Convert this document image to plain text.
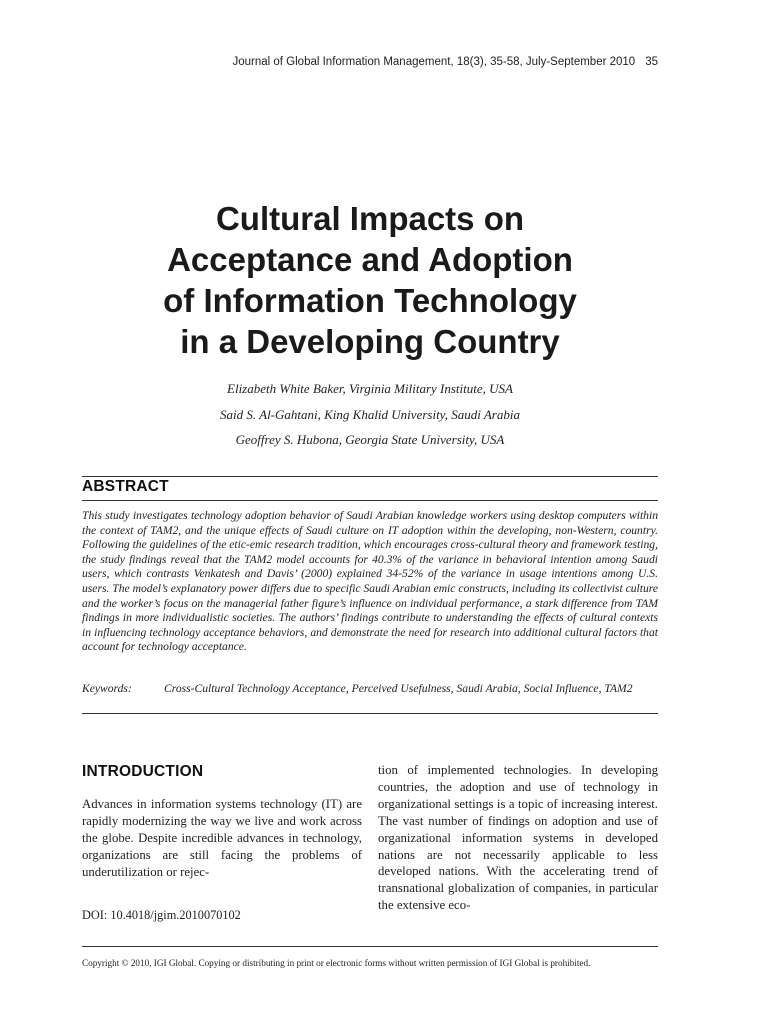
Journal of Global Information Management, 18(3), 35-58, July-September 2010 35
Cultural Impacts on
Acceptance and Adoption
of Information Technology
in a Developing Country
Elizabeth White Baker, Virginia Military Institute, USA
Said S. Al-Gahtani, King Khalid University, Saudi Arabia
Geoffrey S. Hubona, Georgia State University, USA
ABSTRACT
This study investigates technology adoption behavior of Saudi Arabian knowledge workers using desktop computers within the context of TAM2, and the unique effects of Saudi culture on IT adoption within the developing, non-Western, country. Following the guidelines of the etic-emic research tradition, which encourages cross-cultural theory and framework testing, the study findings reveal that the TAM2 model accounts for 40.3% of the variance in behavioral intention among Saudi users, which contrasts Venkatesh and Davis’ (2000) explained 34-52% of the variance in usage intentions among U.S. users. The model’s explanatory power differs due to specific Saudi Arabian emic constructs, including its collectivist culture and the worker’s focus on the managerial father figure’s influence on individual performance, a stark difference from TAM findings in more individualistic societies. The authors’ findings contribute to understanding the effects of cultural contexts in influencing technology acceptance behaviors, and demonstrate the need for research into additional cultural factors that account for technology acceptance.
Keywords:	Cross-Cultural Technology Acceptance, Perceived Usefulness, Saudi Arabia, Social Influence, TAM2
INTRODUCTION
Advances in information systems technology (IT) are rapidly modernizing the way we live and work across the globe. Despite incredible advances in technology, organizations are still facing the problems of underutilization or rejec-
tion of implemented technologies. In developing countries, the adoption and use of technology in organizational settings is a topic of increasing interest. The vast number of findings on adoption and use of organizational information systems in developed nations are not necessarily applicable to less developed nations. With the accelerating trend of transnational globalization of companies, in particular the extensive eco-
DOI: 10.4018/jgim.2010070102
Copyright © 2010, IGI Global. Copying or distributing in print or electronic forms without written permission of IGI Global is prohibited.
